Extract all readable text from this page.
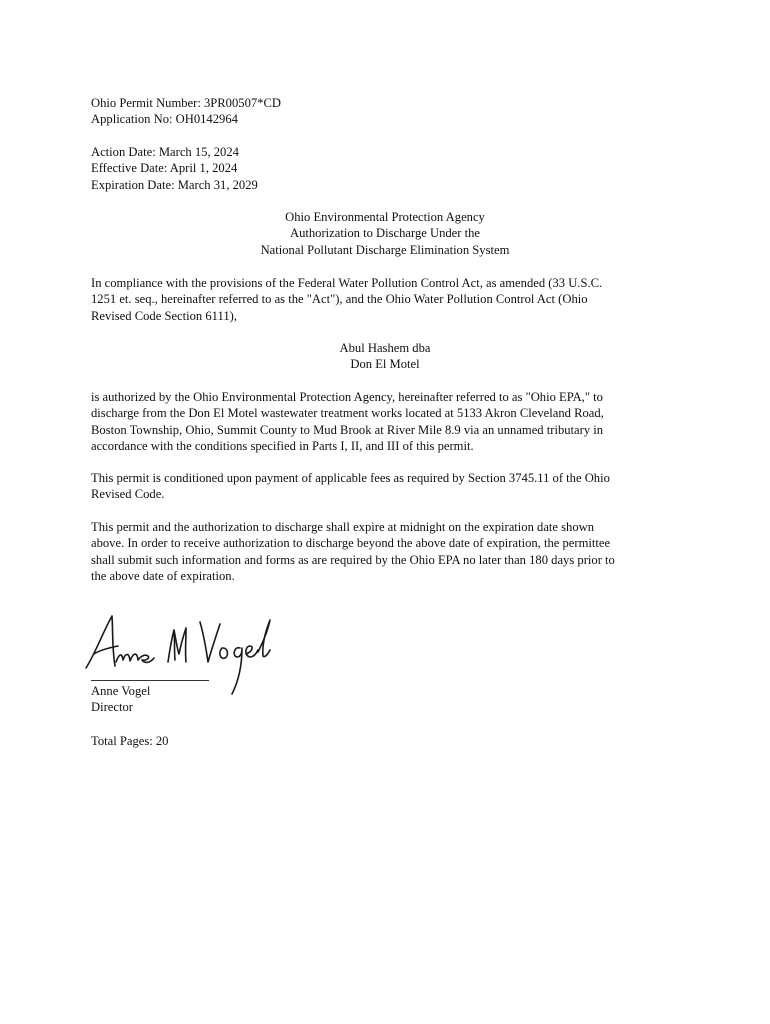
Ohio Permit Number: 3PR00507*CD
Application No: OH0142964
Action Date: March 15, 2024
Effective Date: April 1, 2024
Expiration Date: March 31, 2029
Ohio Environmental Protection Agency
Authorization to Discharge Under the
National Pollutant Discharge Elimination System
In compliance with the provisions of the Federal Water Pollution Control Act, as amended (33 U.S.C.
1251 et. seq., hereinafter referred to as the "Act"), and the Ohio Water Pollution Control Act (Ohio
Revised Code Section 6111),
Abul Hashem dba
Don El Motel
is authorized by the Ohio Environmental Protection Agency, hereinafter referred to as "Ohio EPA," to
discharge from the Don El Motel wastewater treatment works located at 5133 Akron Cleveland Road,
Boston Township, Ohio, Summit County to Mud Brook at River Mile 8.9 via an unnamed tributary in
accordance with the conditions specified in Parts I, II, and III of this permit.
This permit is conditioned upon payment of applicable fees as required by Section 3745.11 of the Ohio
Revised Code.
This permit and the authorization to discharge shall expire at midnight on the expiration date shown
above. In order to receive authorization to discharge beyond the above date of expiration, the permittee
shall submit such information and forms as are required by the Ohio EPA no later than 180 days prior to
the above date of expiration.
Anne Vogel
Director
Total Pages: 20
